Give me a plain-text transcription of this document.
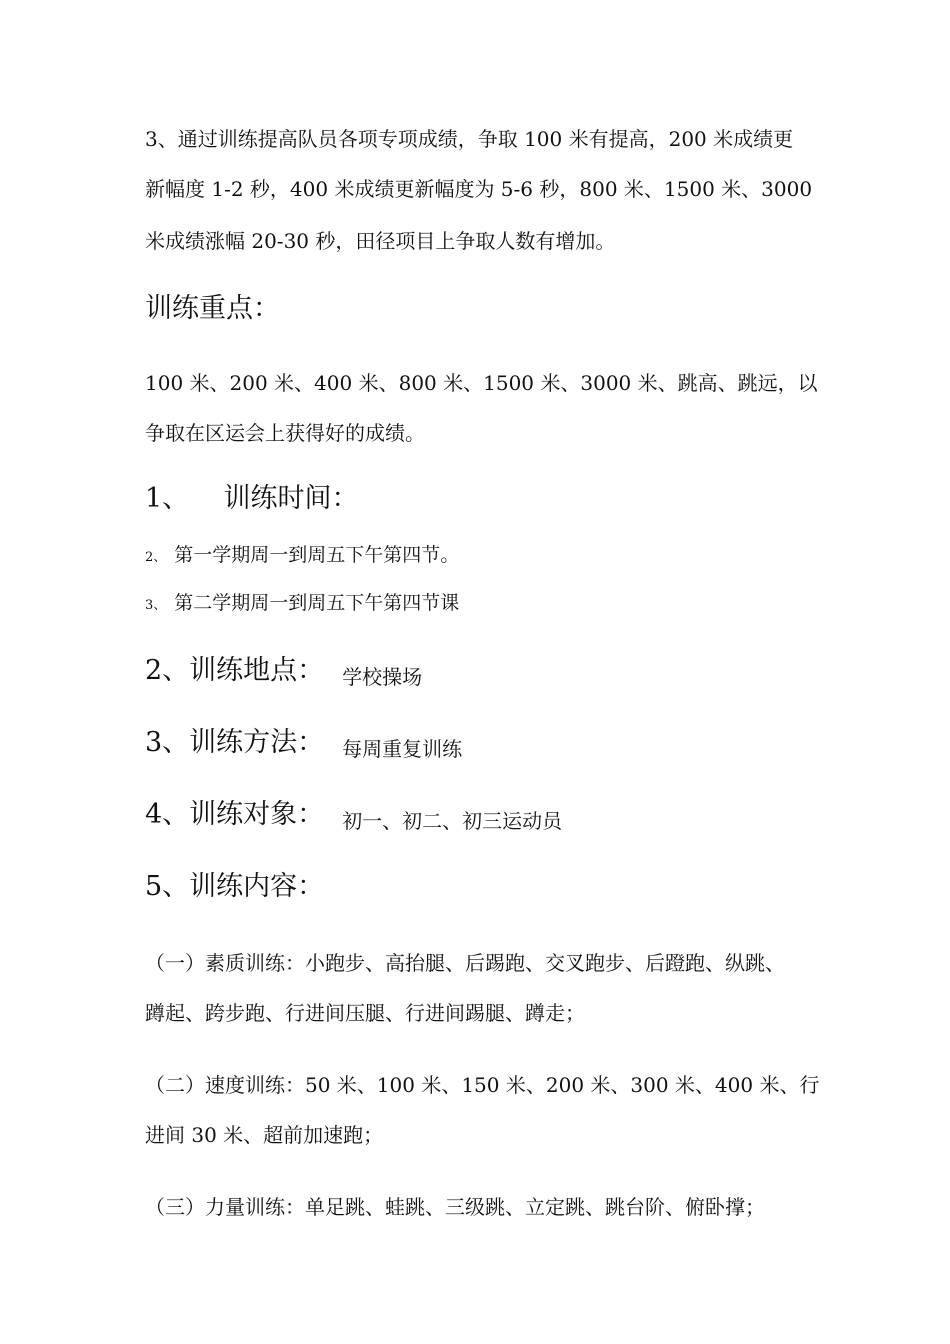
3、通过训练提高队员各项专项成绩，争取 100 米有提高，200 米成绩更
新幅度 1-2 秒，400 米成绩更新幅度为 5-6 秒，800 米、1500 米、3000
米成绩涨幅 20-30 秒，田径项目上争取人数有增加。
训练重点：
100 米、200 米、400 米、800 米、1500 米、3000 米、跳高、跳远，以
争取在区运会上获得好的成绩。
1、    训练时间：
2、 第一学期周一到周五下午第四节。
3、 第二学期周一到周五下午第四节课
2、训练地点： 学校操场
3、训练方法： 每周重复训练
4、训练对象： 初一、初二、初三运动员
5、训练内容：
（一）素质训练：小跑步、高抬腿、后踢跑、交叉跑步、后蹬跑、纵跳、
蹲起、跨步跑、行进间压腿、行进间踢腿、蹲走；
（二）速度训练：50 米、100 米、150 米、200 米、300 米、400 米、行
进间 30 米、超前加速跑；
（三）力量训练：单足跳、蛙跳、三级跳、立定跳、跳台阶、俯卧撑；
